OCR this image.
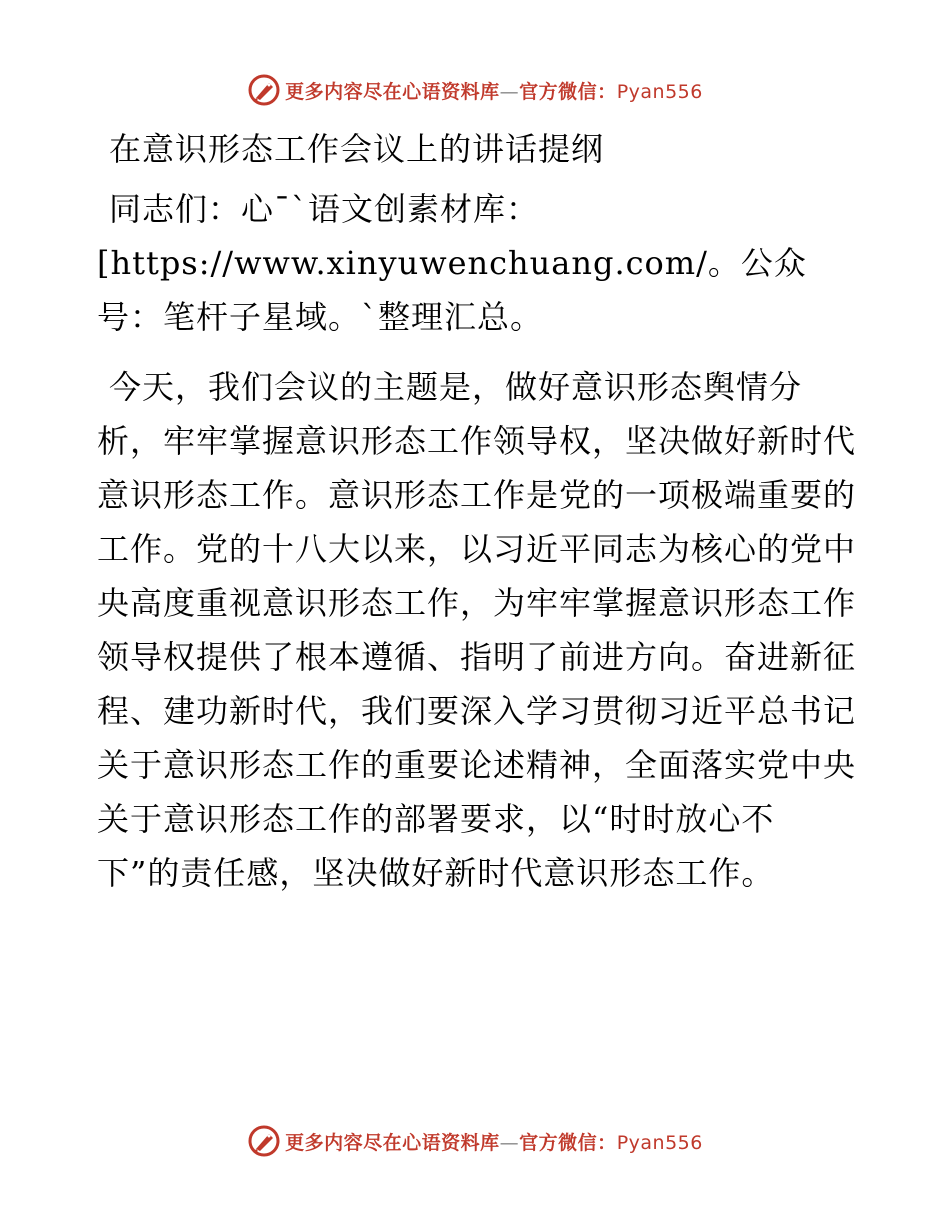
更多内容尽在心语资料库—官方微信：Pyan556

在意识形态工作会议上的讲话提纲

同志们：心¯`语文创素材库：[https://www.xinyuwenchuang.com/。公众号：笔杆子星域。`整理汇总。

今天，我们会议的主题是，做好意识形态舆情分析，牢牢掌握意识形态工作领导权，坚决做好新时代意识形态工作。意识形态工作是党的一项极端重要的工作。党的十八大以来，以习近平同志为核心的党中央高度重视意识形态工作，为牢牢掌握意识形态工作领导权提供了根本遵循、指明了前进方向。奋进新征程、建功新时代，我们要深入学习贯彻习近平总书记关于意识形态工作的重要论述精神，全面落实党中央关于意识形态工作的部署要求，以“时时放心不下”的责任感，坚决做好新时代意识形态工作。

更多内容尽在心语资料库—官方微信：Pyan556
